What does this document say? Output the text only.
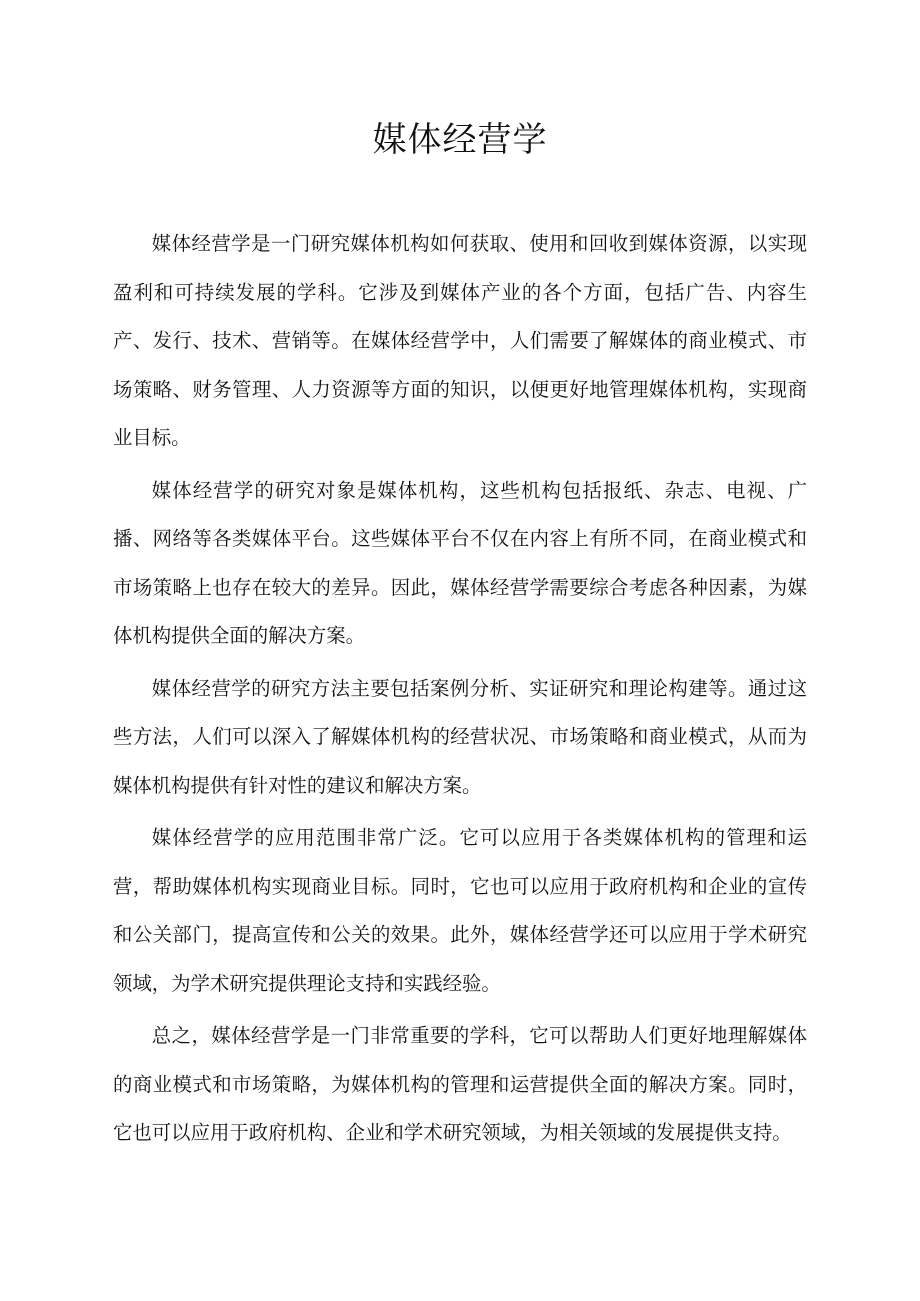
媒体经营学

媒体经营学是一门研究媒体机构如何获取、使用和回收到媒体资源，以实现盈利和可持续发展的学科。它涉及到媒体产业的各个方面，包括广告、内容生产、发行、技术、营销等。在媒体经营学中，人们需要了解媒体的商业模式、市场策略、财务管理、人力资源等方面的知识，以便更好地管理媒体机构，实现商业目标。

媒体经营学的研究对象是媒体机构，这些机构包括报纸、杂志、电视、广播、网络等各类媒体平台。这些媒体平台不仅在内容上有所不同，在商业模式和市场策略上也存在较大的差异。因此，媒体经营学需要综合考虑各种因素，为媒体机构提供全面的解决方案。

媒体经营学的研究方法主要包括案例分析、实证研究和理论构建等。通过这些方法，人们可以深入了解媒体机构的经营状况、市场策略和商业模式，从而为媒体机构提供有针对性的建议和解决方案。

媒体经营学的应用范围非常广泛。它可以应用于各类媒体机构的管理和运营，帮助媒体机构实现商业目标。同时，它也可以应用于政府机构和企业的宣传和公关部门，提高宣传和公关的效果。此外，媒体经营学还可以应用于学术研究领域，为学术研究提供理论支持和实践经验。

总之，媒体经营学是一门非常重要的学科，它可以帮助人们更好地理解媒体的商业模式和市场策略，为媒体机构的管理和运营提供全面的解决方案。同时，它也可以应用于政府机构、企业和学术研究领域，为相关领域的发展提供支持。
